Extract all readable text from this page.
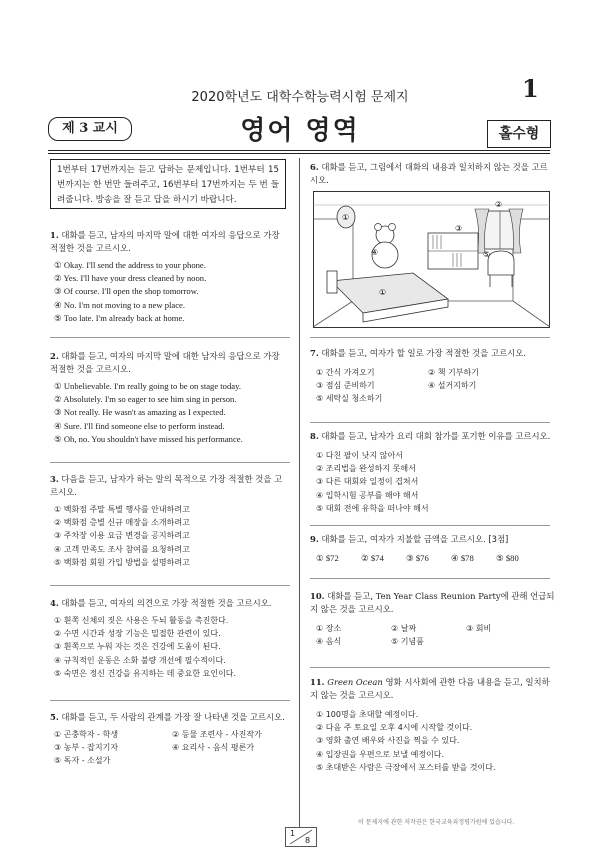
2020학년도 대학수학능력시험 문제지	1
제 3 교시	영어 영역	홀수형
1번부터 17번까지는 듣고 답하는 문제입니다. 1번부터 15번까지는 한 번만 들려주고, 16번부터 17번까지는 두 번 들려줍니다. 방송을 잘 듣고 답을 하시기 바랍니다.
1. 대화를 듣고, 남자의 마지막 말에 대한 여자의 응답으로 가장 적절한 것을 고르시오.
① Okay. I'll send the address to your phone.
② Yes. I'll have your dress cleaned by noon.
③ Of course. I'll open the shop tomorrow.
④ No. I'm not moving to a new place.
⑤ Too late. I'm already back at home.
2. 대화를 듣고, 여자의 마지막 말에 대한 남자의 응답으로 가장 적절한 것을 고르시오.
① Unbelievable. I'm really going to be on stage today.
② Absolutely. I'm so eager to see him sing in person.
③ Not really. He wasn't as amazing as I expected.
④ Sure. I'll find someone else to perform instead.
⑤ Oh, no. You shouldn't have missed his performance.
3. 다음을 듣고, 남자가 하는 말의 목적으로 가장 적절한 것을 고르시오.
① 백화점 주말 특별 행사를 안내하려고
② 백화점 층별 신규 매장을 소개하려고
③ 주차장 이용 요금 변경을 공지하려고
④ 고객 만족도 조사 참여를 요청하려고
⑤ 백화점 회원 가입 방법을 설명하려고
4. 대화를 듣고, 여자의 의견으로 가장 적절한 것을 고르시오.
① 흰쪽 신체의 짓은 사용은 두뇌 활동을 촉진한다.
② 수면 시간과 성장 기능은 밀접한 관련이 있다.
③ 흰쪽으로 누워 자는 것은 건강에 도움이 된다.
④ 규칙적인 운동은 소화 불량 개선에 필수적이다.
⑤ 숙면은 정신 건강을 유지하는 데 중요한 요인이다.
5. 대화를 듣고, 두 사람의 관계를 가장 잘 나타낸 것을 고르시오.
① 곤충학자 - 학생	② 등물 조련사 - 사진작가
③ 농부 - 잡지기자	④ 요리사 - 음식 평론가
⑤ 독자 - 소설가
6. 대화를 듣고, 그림에서 대화의 내용과 일치하지 않는 것을 고르시오.
①
②
④
③
⑤
①
7. 대화를 듣고, 여자가 할 일로 가장 적절한 것을 고르시오.
① 간식 가져오기	② 책 기부하기
③ 점심 준비하기	④ 설거지하기
⑤ 세탁실 청소하기
8. 대화를 듣고, 남자가 요리 대회 참가를 포기한 이유를 고르시오.
① 다친 팔이 낫지 않아서
② 조리법을 완성하지 못해서
③ 다른 대회와 일정이 겹쳐서
④ 입학시험 공부를 해야 해서
⑤ 대회 전에 유학을 떠나야 해서
9. 대화를 듣고, 여자가 지불할 금액을 고르시오. [3점]
① $72	② $74	③ $76	④ $78	⑤ $80
10. 대화를 듣고, Ten Year Class Reunion Party에 관해 언급되지 않은 것을 고르시오.
① 장소	② 날짜	③ 회비
④ 음식	⑤ 기념품
11. Green Ocean 영화 시사회에 관한 다음 내용을 듣고, 일치하지 않는 것을 고르시오.
① 100명을 초대할 예정이다.
② 다음 주 토요일 오후 4시에 시작할 것이다.
③ 영화 출연 배우와 사진을 찍을 수 있다.
④ 입장권을 우편으로 보낼 예정이다.
⑤ 초대받은 사람은 극장에서 포스터를 받을 것이다.
1
8
이 문제지에 관한 저작권은 한국교육과정평가원에 있습니다.
